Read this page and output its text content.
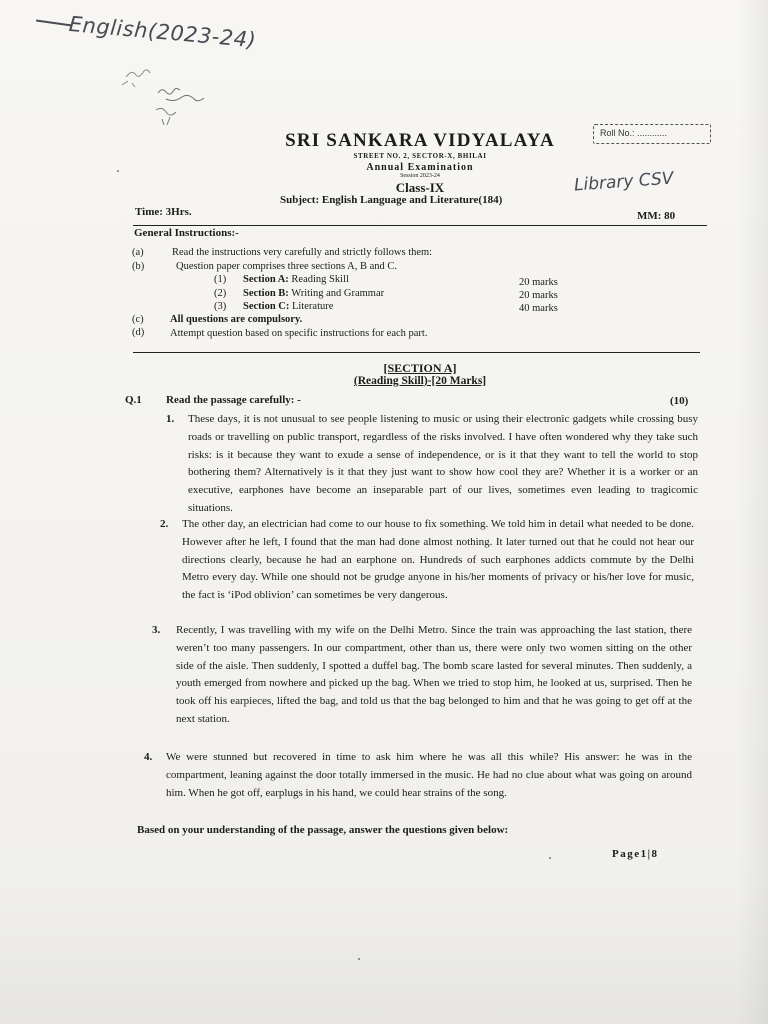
English(2023-24)
Library CSV
SRI SANKARA VIDYALAYA
STREET NO. 2, SECTOR-X, BHILAI
Annual Examination
Session 2023-24
Class-IX
Subject: English Language and Literature(184)
Roll No.: ............
Time: 3Hrs.	MM: 80
General Instructions:-
(a)	Read the instructions very carefully and strictly follows them:
(b)	Question paper comprises three sections A, B and C.
(1) Section A: Reading Skill	20 marks
(2) Section B: Writing and Grammar	20 marks
(3) Section C: Literature	40 marks
(c)	All questions are compulsory.
(d) Attempt question based on specific instructions for each part.
[SECTION A]
(Reading Skill)-[20 Marks]
Q.1 Read the passage carefully: -	(10)
1. These days, it is not unusual to see people listening to music or using their electronic gadgets while crossing busy roads or travelling on public transport, regardless of the risks involved. I have often wondered why they take such risks: is it because they want to exude a sense of independence, or is it that they want to tell the world to stop bothering them? Alternatively is it that they just want to show how cool they are? Whether it is a worker or an executive, earphones have become an inseparable part of our lives, sometimes even leading to tragicomic situations.
2. The other day, an electrician had come to our house to fix something. We told him in detail what needed to be done. However after he left, I found that the man had done almost nothing. It later turned out that he could not hear our directions clearly, because he had an earphone on. Hundreds of such earphones addicts commute by the Delhi Metro every day. While one should not be grudge anyone in his/her moments of privacy or his/her love for music, the fact is ‘iPod oblivion’ can sometimes be very dangerous.
3. Recently, I was travelling with my wife on the Delhi Metro. Since the train was approaching the last station, there weren’t too many passengers. In our compartment, other than us, there were only two women sitting on the other side of the aisle. Then suddenly, I spotted a duffel bag. The bomb scare lasted for several minutes. Then suddenly, a youth emerged from nowhere and picked up the bag. When we tried to stop him, he looked at us, surprised. Then he took off his earpieces, lifted the bag, and told us that the bag belonged to him and that he was going to get off at the next station.
4. We were stunned but recovered in time to ask him where he was all this while? His answer: he was in the compartment, leaning against the door totally immersed in the music. He had no clue about what was going on around him. When he got off, earplugs in his hand, we could hear strains of the song.
Based on your understanding of the passage, answer the questions given below:
Page1|8
